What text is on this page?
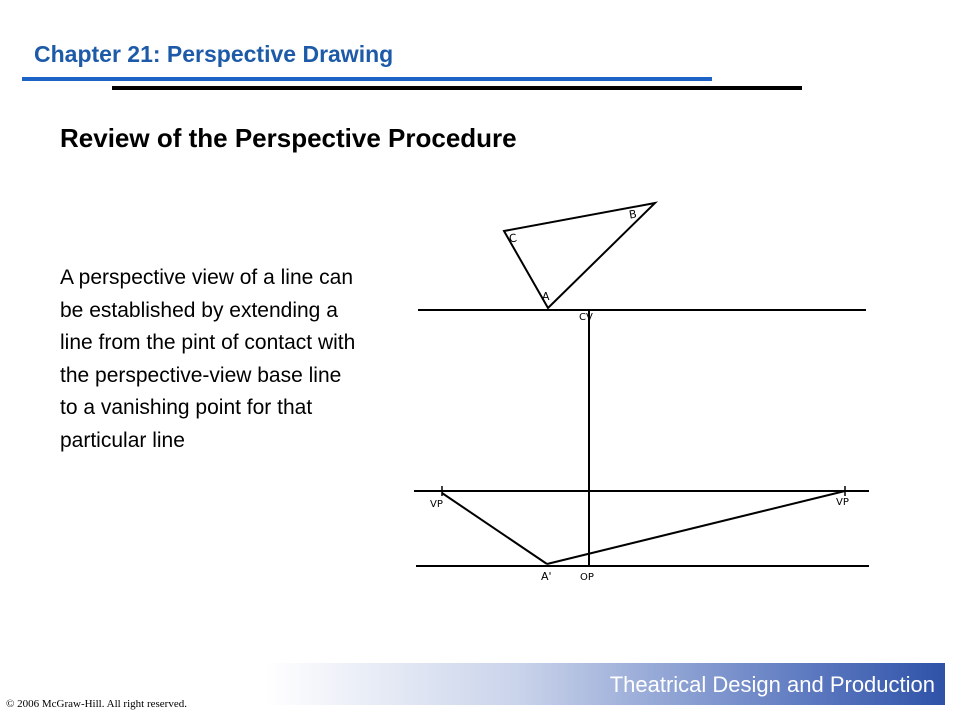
Chapter 21: Perspective Drawing
Review of the Perspective Procedure
A perspective view of a line can be established by extending a line from the pint of contact with the perspective-view base line to a vanishing point for that particular line
C
B
A
CV
VP	VP
A'	OP
Theatrical Design and Production
© 2006 McGraw-Hill. All right reserved.
